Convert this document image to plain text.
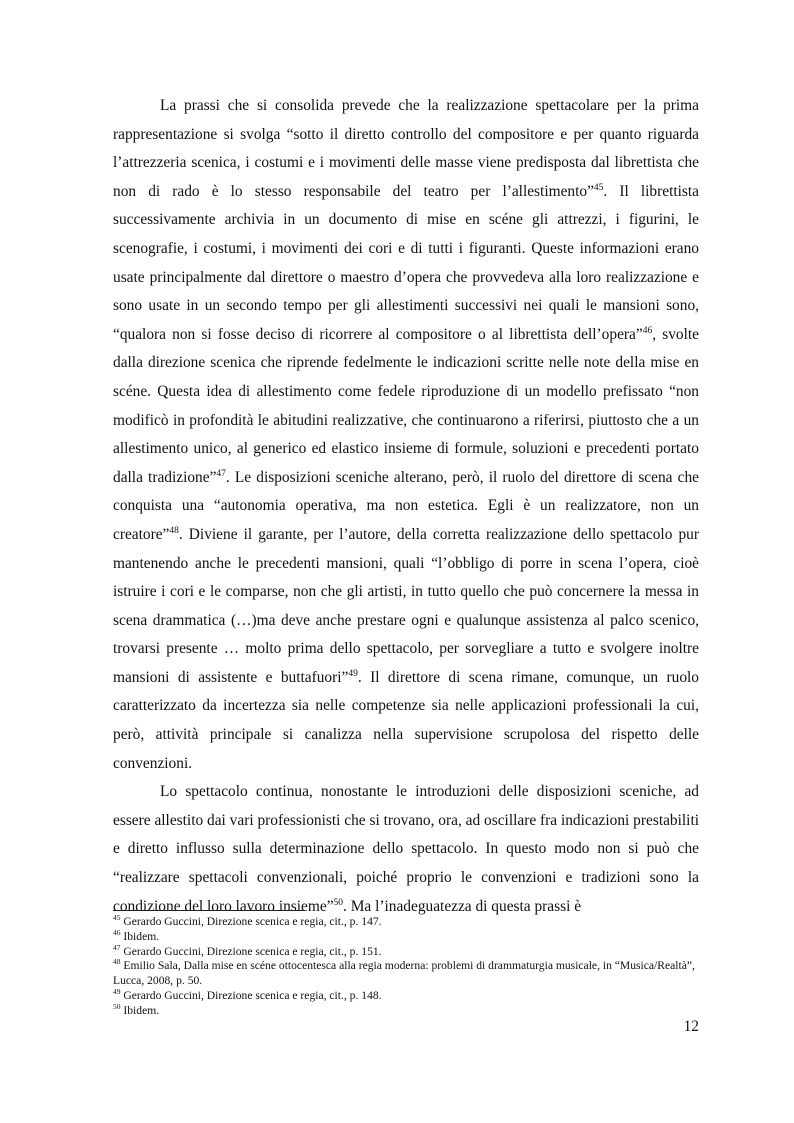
La prassi che si consolida prevede che la realizzazione spettacolare per la prima rappresentazione si svolga “sotto il diretto controllo del compositore e per quanto riguarda l’attrezzeria scenica, i costumi e i movimenti delle masse viene predisposta dal librettista che non di rado è lo stesso responsabile del teatro per l’allestimento”$^{45}$. Il librettista successivamente archivia in un documento di mise en scéne gli attrezzi, i figurini, le scenografie, i costumi, i movimenti dei cori e di tutti i figuranti. Queste informazioni erano usate principalmente dal direttore o maestro d’opera che provvedeva alla loro realizzazione e sono usate in un secondo tempo per gli allestimenti successivi nei quali le mansioni sono, “qualora non si fosse deciso di ricorrere al compositore o al librettista dell’opera”$^{46}$, svolte dalla direzione scenica che riprende fedelmente le indicazioni scritte nelle note della mise en scéne. Questa idea di allestimento come fedele riproduzione di un modello prefissato “non modificò in profondità le abitudini realizzative, che continuarono a riferirsi, piuttosto che a un allestimento unico, al generico ed elastico insieme di formule, soluzioni e precedenti portato dalla tradizione”$^{47}$. Le disposizioni sceniche alterano, però, il ruolo del direttore di scena che conquista una “autonomia operativa, ma non estetica. Egli è un realizzatore, non un creatore”$^{48}$. Diviene il garante, per l’autore, della corretta realizzazione dello spettacolo pur mantenendo anche le precedenti mansioni, quali “l’obbligo di porre in scena l’opera, cioè istruire i cori e le comparse, non che gli artisti, in tutto quello che può concernere la messa in scena drammatica (…)ma deve anche prestare ogni e qualunque assistenza al palco scenico, trovarsi presente … molto prima dello spettacolo, per sorvegliare a tutto e svolgere inoltre mansioni di assistente e buttafuori”$^{49}$. Il direttore di scena rimane, comunque, un ruolo caratterizzato da incertezza sia nelle competenze sia nelle applicazioni professionali la cui, però, attività principale si canalizza nella supervisione scrupolosa del rispetto delle convenzioni.

Lo spettacolo continua, nonostante le introduzioni delle disposizioni sceniche, ad essere allestito dai vari professionisti che si trovano, ora, ad oscillare fra indicazioni prestabiliti e diretto influsso sulla determinazione dello spettacolo. In questo modo non si può che “realizzare spettacoli convenzionali, poiché proprio le convenzioni e tradizioni sono la condizione del loro lavoro insieme”$^{50}$. Ma l’inadeguatezza di questa prassi è

$^{45}$ Gerardo Guccini, Direzione scenica e regia, cit., p. 147.

$^{46}$ Ibidem.

$^{47}$ Gerardo Guccini, Direzione scenica e regia, cit., p. 151.

$^{48}$ Emilio Sala, Dalla mise en scéne ottocentesca alla regia moderna: problemi di drammaturgia musicale, in “Musica/Realtà”, Lucca, 2008, p. 50.

$^{49}$ Gerardo Guccini, Direzione scenica e regia, cit., p. 148.

$^{50}$ Ibidem.

12
